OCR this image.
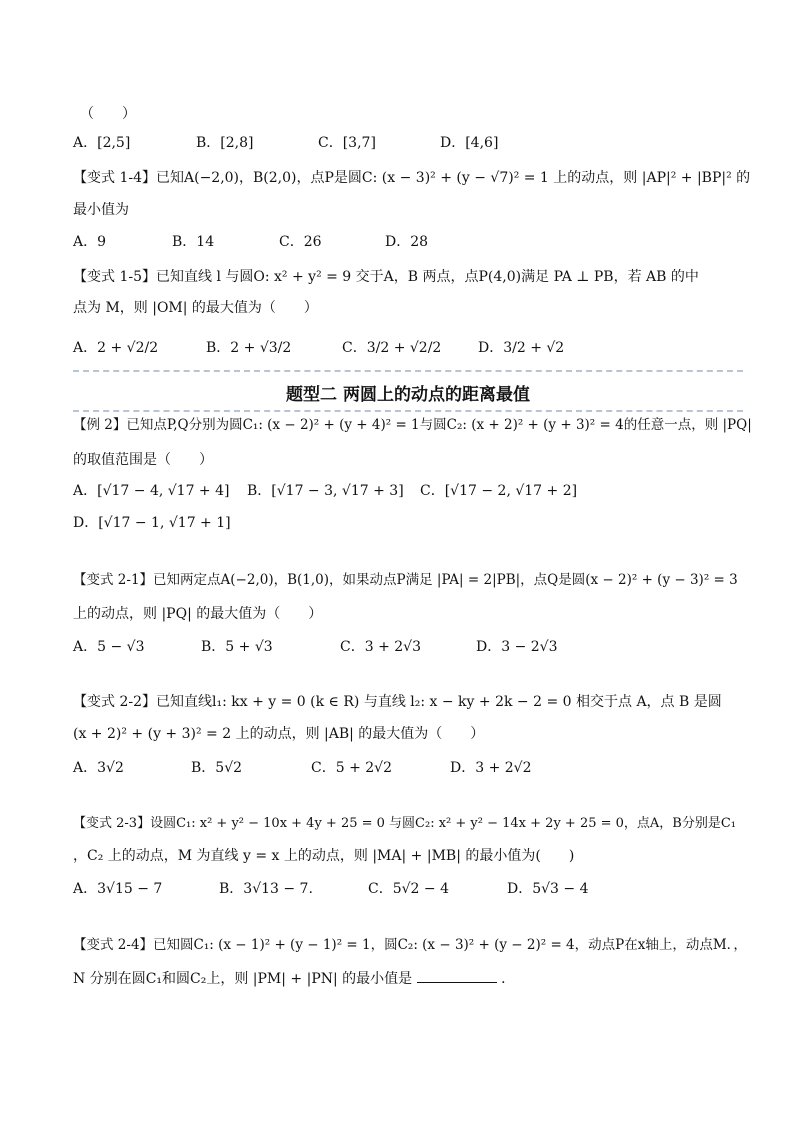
（　　）
A．[2,5]	B．[2,8]	C．[3,7]	D．[4,6]
【变式 1-4】已知A(−2,0)，B(2,0)，点P是圆C: (x − 3)² + (y − √7)² = 1 上的动点，则 |AP|² + |BP|² 的
最小值为
A．9	B．14	C．26	D．28
【变式 1-5】已知直线 l 与圆O: x² + y² = 9 交于A，B 两点，点P(4,0)满足 PA ⊥ PB，若 AB 的中
点为 M，则 |OM| 的最大值为（　　）
A．2 + √2/2	B．2 + √3/2	C．3/2 + √2/2	D．3/2 + √2
题型二 两圆上的动点的距离最值
【例 2】已知点P,Q分别为圆C₁: (x − 2)² + (y + 4)² = 1与圆C₂: (x + 2)² + (y + 3)² = 4的任意一点，则 |PQ|
的取值范围是（　　）
A．[√17 − 4, √17 + 4] B．[√17 − 3, √17 + 3] C．[√17 − 2, √17 + 2]
D．[√17 − 1, √17 + 1]
【变式 2-1】已知两定点A(−2,0)，B(1,0)，如果动点P满足 |PA| = 2|PB|，点Q是圆(x − 2)² + (y − 3)² = 3
上的动点，则 |PQ| 的最大值为（　　）
A．5 − √3	B．5 + √3	C．3 + 2√3	D．3 − 2√3
【变式 2-2】已知直线l₁: kx + y = 0 (k ∈ R) 与直线 l₂: x − ky + 2k − 2 = 0 相交于点 A，点 B 是圆
(x + 2)² + (y + 3)² = 2 上的动点，则 |AB| 的最大值为（　　）
A．3√2	B．5√2	C．5 + 2√2	D．3 + 2√2
【变式 2-3】设圆C₁: x² + y² − 10x + 4y + 25 = 0 与圆C₂: x² + y² − 14x + 2y + 25 = 0，点A，B分别是C₁
，C₂ 上的动点，M 为直线 y = x 上的动点，则 |MA| + |MB| 的最小值为(　　)
A．3√15 − 7	B．3√13 − 7.	C．5√2 − 4	D．5√3 − 4
【变式 2-4】已知圆C₁: (x − 1)² + (y − 1)² = 1，圆C₂: (x − 3)² + (y − 2)² = 4，动点P在x轴上，动点M．，
N 分别在圆C₁和圆C₂上，则 |PM| + |PN| 的最小值是	．
